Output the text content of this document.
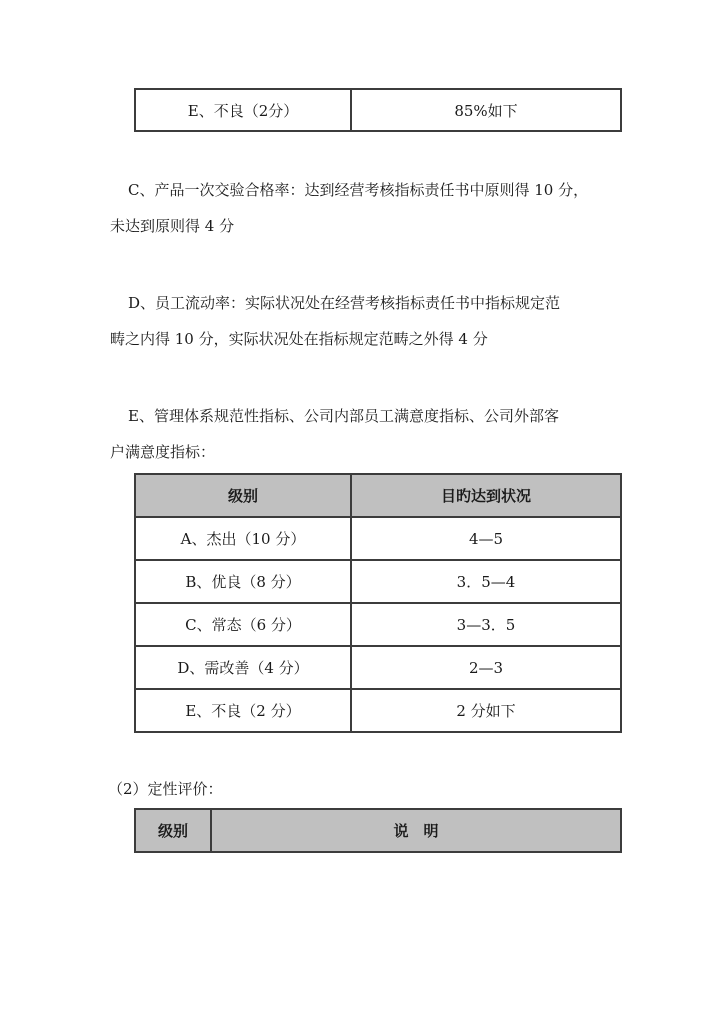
E、不良（2分）	85%如下
C、产品一次交验合格率：达到经营考核指标责任书中原则得 10 分，
未达到原则得 4 分
D、员工流动率：实际状况处在经营考核指标责任书中指标规定范
畴之内得 10 分，实际状况处在指标规定范畴之外得 4 分
E、管理体系规范性指标、公司内部员工满意度指标、公司外部客
户满意度指标：
级别	目旳达到状况
A、杰出（10 分）	4—5
B、优良（8 分）	3．5—4
C、常态（6 分）	3—3．5
D、需改善（4 分）	2—3
E、不良（2 分）	2 分如下
（2）定性评价：
级别	说　明
